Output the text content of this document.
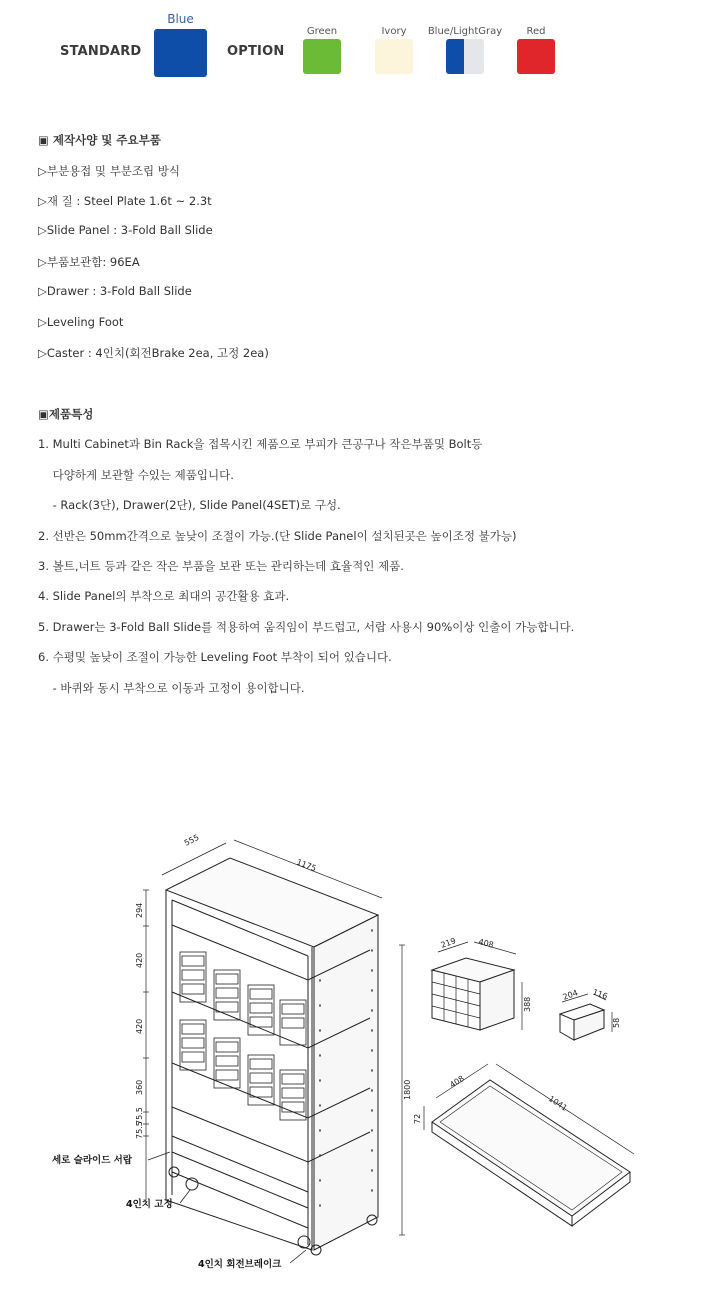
STANDARD
Blue
OPTION
Green	Ivory	Blue/LightGray	Red
▣ 제작사양 및 주요부품
▷부분용접 및 부분조립 방식
▷재 질 : Steel Plate 1.6t ~ 2.3t
▷Slide Panel : 3-Fold Ball Slide
▷부품보관함: 96EA
▷Drawer : 3-Fold Ball Slide
▷Leveling Foot
▷Caster : 4인치(회전Brake 2ea, 고정 2ea)
▣제품특성
1. Multi Cabinet과 Bin Rack을 접목시킨 제품으로 부피가 큰공구나 작은부품및 Bolt등
다양하게 보관할 수있는 제품입니다.
- Rack(3단), Drawer(2단), Slide Panel(4SET)로 구성.
2. 선반은 50mm간격으로 높낮이 조절이 가능.(단 Slide Panel이 설치된곳은 높이조정 불가능)
3. 볼트,너트 등과 같은 작은 부품을 보관 또는 관리하는데 효율적인 제품.
4. Slide Panel의 부착으로 최대의 공간활용 효과.
5. Drawer는 3-Fold Ball Slide를 적용하여 움직임이 부드럽고, 서랍 사용시 90%이상 인출이 가능합니다.
6. 수평및 높낮이 조절이 가능한 Leveling Foot 부착이 되어 있습니다.
- 바퀴와 동시 부착으로 이동과 고정이 용이합니다.
555
1175
1800
294
420
420
360
75.5
75.5
219	408
388
204 116
58
408
1041
72
세로 슬라이드 서랍
4인치 고정
4인치 회전브레이크
